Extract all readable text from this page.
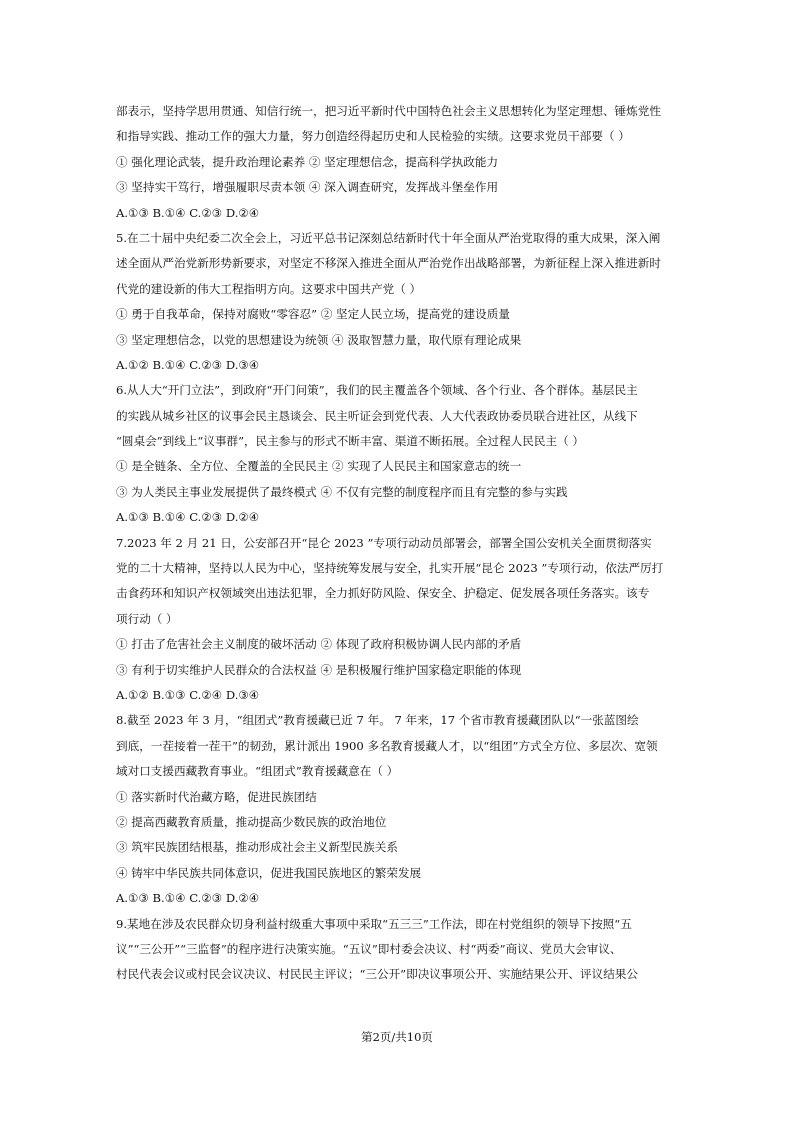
部表示，坚持学思用贯通、知信行统一，把习近平新时代中国特色社会主义思想转化为坚定理想、锤炼党性
和指导实践、推动工作的强大力量，努力创造经得起历史和人民检验的实绩。这要求党员干部要（ ）
① 强化理论武装，提升政治理论素养 ② 坚定理想信念，提高科学执政能力
③ 坚持实干笃行，增强履职尽责本领 ④ 深入调查研究，发挥战斗堡垒作用
A.①③ B.①④ C.②③ D.②④
5.在二十届中央纪委二次全会上，习近平总书记深刻总结新时代十年全面从严治党取得的重大成果，深入阐
述全面从严治党新形势新要求，对坚定不移深入推进全面从严治党作出战略部署，为新征程上深入推进新时
代党的建设新的伟大工程指明方向。这要求中国共产党（ ）
① 勇于自我革命，保持对腐败“零容忍” ② 坚定人民立场，提高党的建设质量
③ 坚定理想信念，以党的思想建设为统领 ④ 汲取智慧力量，取代原有理论成果
A.①② B.①④ C.②③ D.③④
6.从人大“开门立法”，到政府“开门问策”，我们的民主覆盖各个领域、各个行业、各个群体。基层民主
的实践从城乡社区的议事会民主恳谈会、民主听证会到党代表、人大代表政协委员联合进社区，从线下
“圆桌会”到线上“议事群”，民主参与的形式不断丰富、渠道不断拓展。全过程人民民主（ ）
① 是全链条、全方位、全覆盖的全民民主 ② 实现了人民民主和国家意志的统一
③ 为人类民主事业发展提供了最终模式 ④ 不仅有完整的制度程序而且有完整的参与实践
A.①③ B.①④ C.②③ D.②④
7.2023 年 2 月 21 日，公安部召开“昆仑 2023 ”专项行动动员部署会，部署全国公安机关全面贯彻落实
党的二十大精神，坚持以人民为中心，坚持统筹发展与安全，扎实开展“昆仑 2023 ”专项行动，依法严厉打
击食药环和知识产权领域突出违法犯罪，全力抓好防风险、保安全、护稳定、促发展各项任务落实。该专
项行动（ ）
① 打击了危害社会主义制度的破坏活动 ② 体现了政府积极协调人民内部的矛盾
③ 有利于切实维护人民群众的合法权益 ④ 是积极履行维护国家稳定职能的体现
A.①② B.①③ C.②④ D.③④
8.截至 2023 年 3 月，“组团式”教育援藏已近 7 年。 7 年来，17 个省市教育援藏团队以“一张蓝图绘
到底，一茬接着一茬干”的韧劲，累计派出 1900 多名教育援藏人才，以“组团”方式全方位、多层次、宽领
域对口支援西藏教育事业。“组团式”教育援藏意在（ ）
① 落实新时代治藏方略，促进民族团结
② 提高西藏教育质量，推动提高少数民族的政治地位
③ 筑牢民族团结根基，推动形成社会主义新型民族关系
④ 铸牢中华民族共同体意识，促进我国民族地区的繁荣发展
A.①③ B.①④ C.②③ D.②④
9.某地在涉及农民群众切身利益村级重大事项中采取“五三三”工作法，即在村党组织的领导下按照“五
议”“三公开”“三监督”的程序进行决策实施。“五议”即村委会决议、村“两委”商议、党员大会审议、
村民代表会议或村民会议决议、村民民主评议；“三公开”即决议事项公开、实施结果公开、评议结果公
第2页/共10页
